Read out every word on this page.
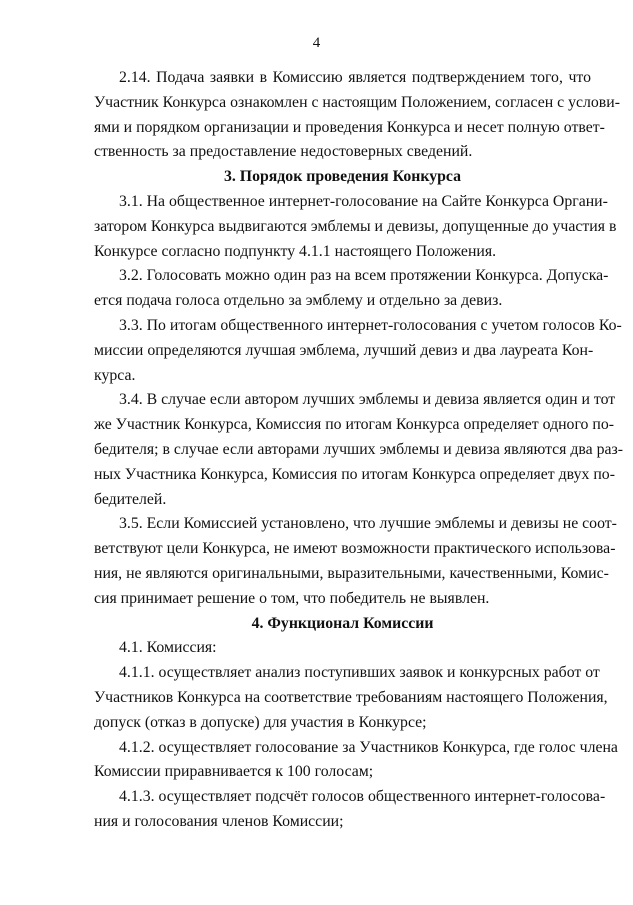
4
2.14. Подача заявки в Комиссию является подтверждением того, что
Участник Конкурса ознакомлен с настоящим Положением, согласен с услови-
ями и порядком организации и проведения Конкурса и несет полную ответ-
ственность за предоставление недостоверных сведений.
3. Порядок проведения Конкурса
3.1. На общественное интернет-голосование на Сайте Конкурса Органи-
затором Конкурса выдвигаются эмблемы и девизы, допущенные до участия в
Конкурсе согласно подпункту 4.1.1 настоящего Положения.
3.2. Голосовать можно один раз на всем протяжении Конкурса. Допуска-
ется подача голоса отдельно за эмблему и отдельно за девиз.
3.3. По итогам общественного интернет-голосования с учетом голосов Ко-
миссии определяются лучшая эмблема, лучший девиз и два лауреата Кон-
курса.
3.4. В случае если автором лучших эмблемы и девиза является один и тот
же Участник Конкурса, Комиссия по итогам Конкурса определяет одного по-
бедителя; в случае если авторами лучших эмблемы и девиза являются два раз-
ных Участника Конкурса, Комиссия по итогам Конкурса определяет двух по-
бедителей.
3.5. Если Комиссией установлено, что лучшие эмблемы и девизы не соот-
ветствуют цели Конкурса, не имеют возможности практического использова-
ния, не являются оригинальными, выразительными, качественными, Комис-
сия принимает решение о том, что победитель не выявлен.
4. Функционал Комиссии
4.1. Комиссия:
4.1.1. осуществляет анализ поступивших заявок и конкурсных работ от
Участников Конкурса на соответствие требованиям настоящего Положения,
допуск (отказ в допуске) для участия в Конкурсе;
4.1.2. осуществляет голосование за Участников Конкурса, где голос члена
Комиссии приравнивается к 100 голосам;
4.1.3. осуществляет подсчёт голосов общественного интернет-голосова-
ния и голосования членов Комиссии;
